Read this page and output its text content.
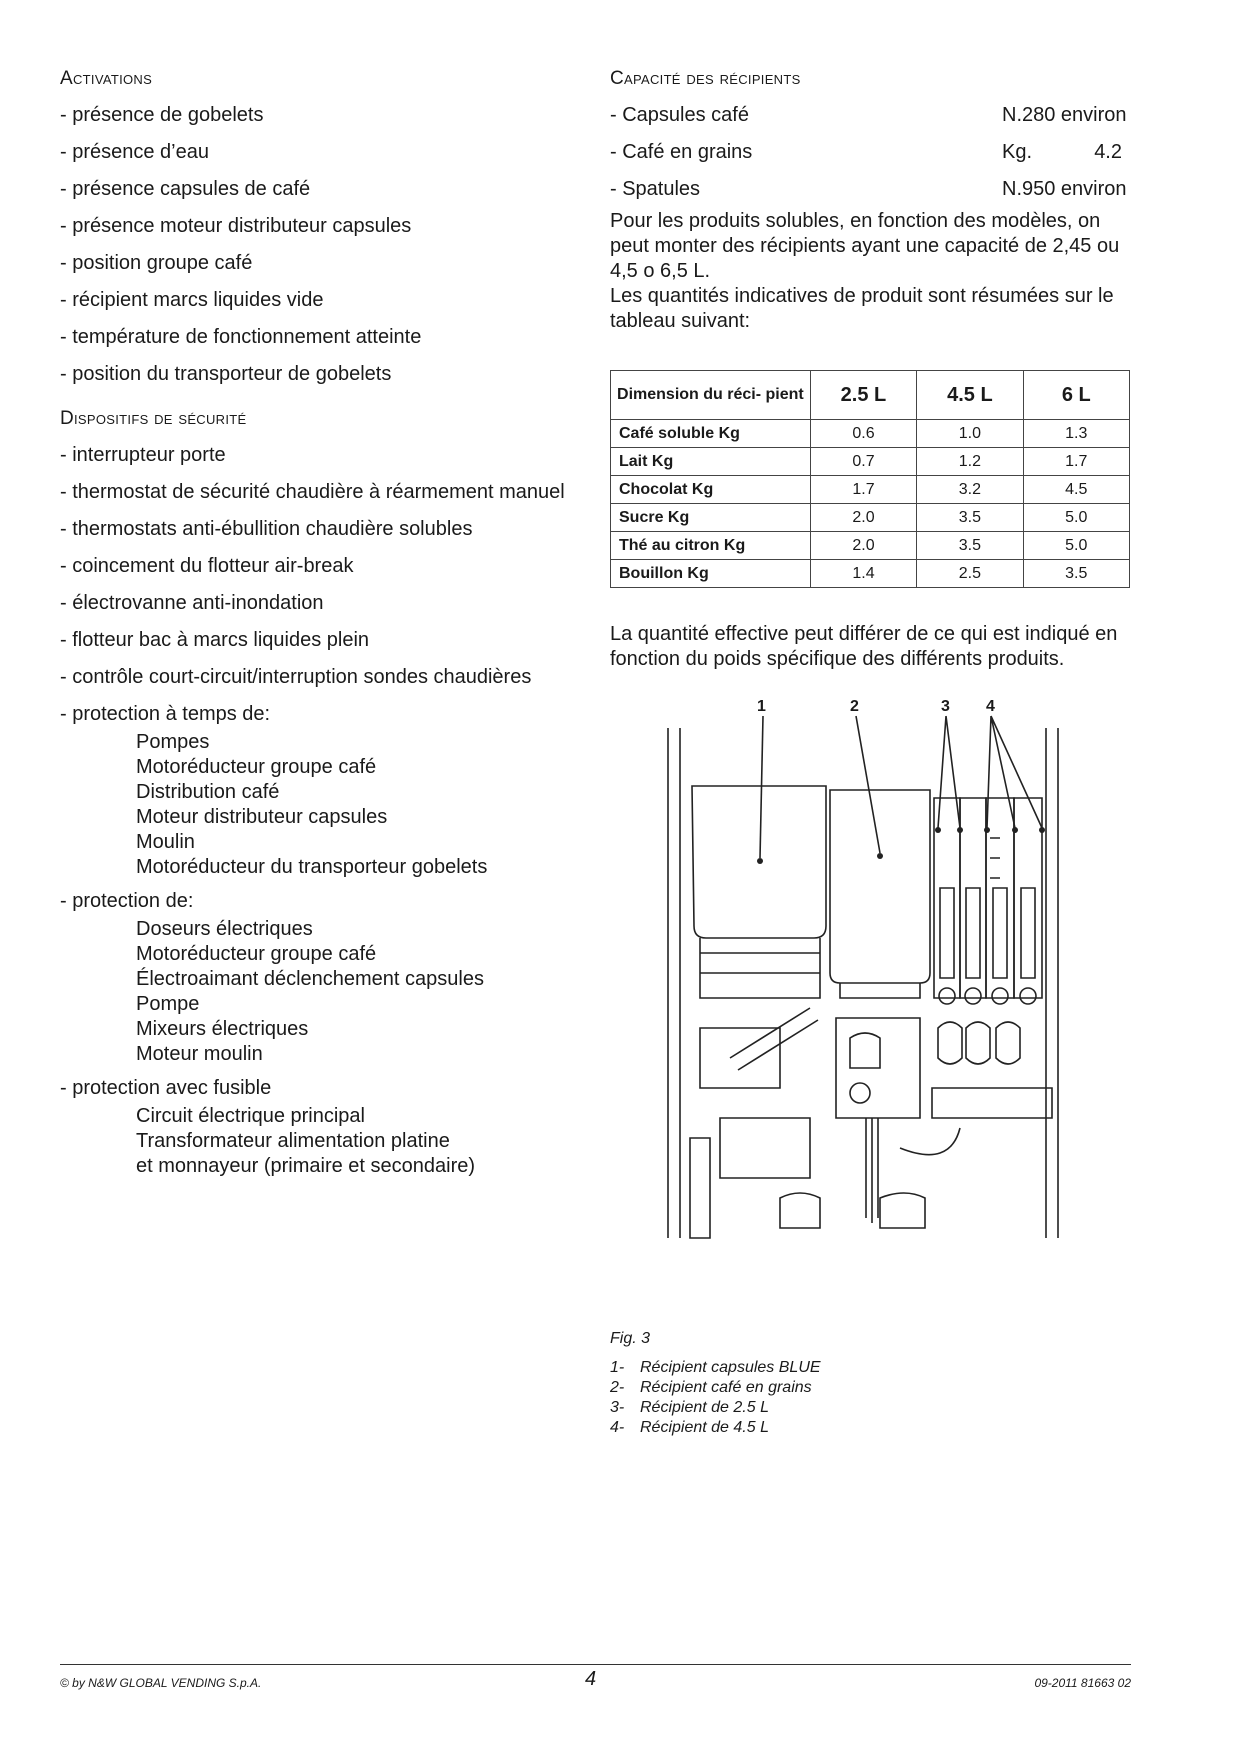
Activations
- présence de gobelets
- présence d’eau
- présence capsules de café
- présence moteur distributeur capsules
- position groupe café
- récipient marcs liquides vide
- température de fonctionnement atteinte
- position du transporteur de gobelets
Dispositifs de sécurité
- interrupteur porte
- thermostat de sécurité chaudière à réarmement manuel
- thermostats anti-ébullition chaudière solubles
- coincement du flotteur air-break
- électrovanne anti-inondation
- flotteur bac à marcs liquides plein
- contrôle court-circuit/interruption sondes chaudières
- protection à temps de:
Pompes
Motoréducteur groupe café
Distribution café
Moteur distributeur capsules
Moulin
Motoréducteur du transporteur gobelets
- protection de:
Doseurs électriques
Motoréducteur groupe café
Électroaimant déclenchement capsules
Pompe
Mixeurs électriques
Moteur moulin
- protection avec fusible
Circuit électrique principal
Transformateur alimentation platine
et monnayeur (primaire et secondaire)
Capacité des récipients
- Capsules café	N.280 environ
- Café en grains	Kg.	4.2
- Spatules	N.950 environ

Pour les produits solubles, en fonction des modèles, on peut monter des récipients ayant une capacité de 2,45 ou 4,5 o 6,5 L.

Les quantités indicatives de produit sont résumées sur le tableau suivant:

Dimension du réci- pient	2.5 L	4.5 L	6 L
Café soluble Kg	0.6	1.0	1.3
Lait Kg	0.7	1.2	1.7
Chocolat Kg	1.7	3.2	4.5
Sucre Kg	2.0	3.5	5.0
Thé au citron Kg	2.0	3.5	5.0
Bouillon Kg	1.4	2.5	3.5
La quantité effective peut différer de ce qui est indiqué en fonction du poids spécifique des différents produits.
1	2	3 4
Fig. 3
1- Récipient capsules BLUE
2- Récipient café en grains
3- Récipient de 2.5 L
4- Récipient de 4.5 L
© by N&W GLOBAL VENDING S.p.A.	4	09-2011 81663 02
